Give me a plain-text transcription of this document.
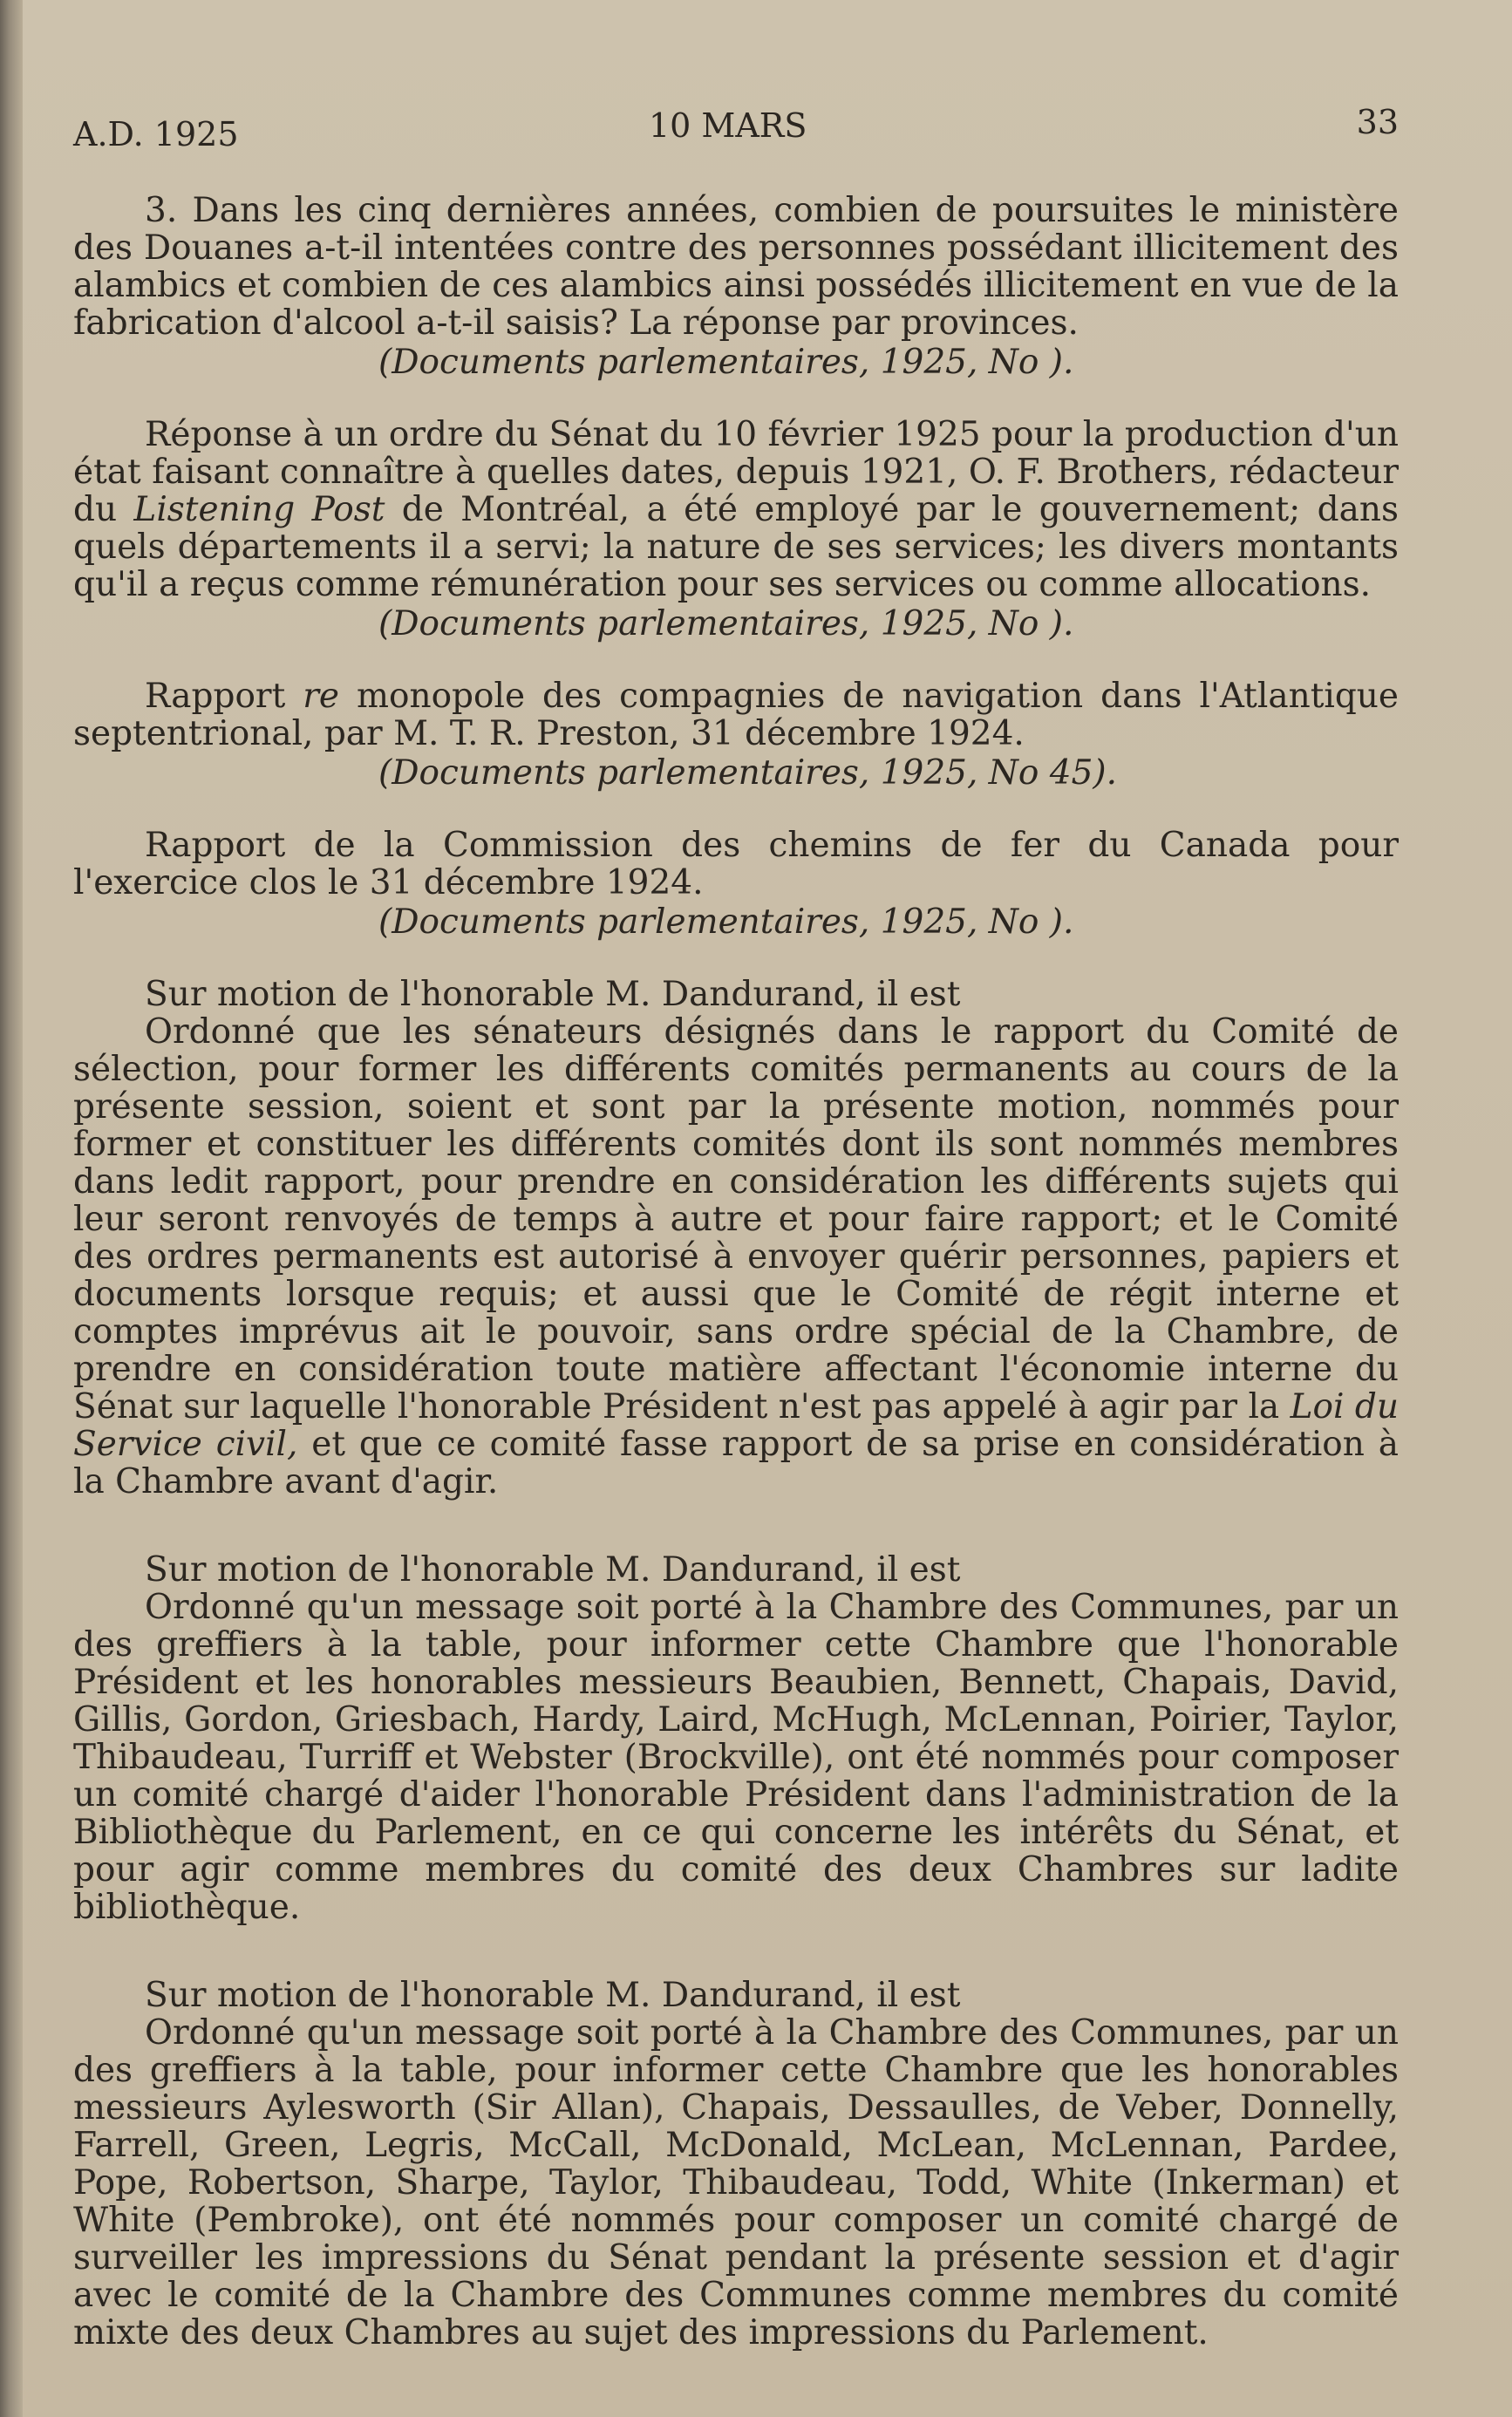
A.D. 1925	10 MARS	33

3. Dans les cinq dernières années, combien de poursuites le ministère des Douanes a-t-il intentées contre des personnes possédant illicitement des alambics et combien de ces alambics ainsi possédés illicitement en vue de la fabrication d'alcool a-t-il saisis? La réponse par provinces.

(Documents parlementaires, 1925, No ).

Réponse à un ordre du Sénat du 10 février 1925 pour la production d'un état faisant connaître à quelles dates, depuis 1921, O. F. Brothers, rédacteur du Listening Post de Montréal, a été employé par le gouvernement; dans quels départements il a servi; la nature de ses services; les divers montants qu'il a reçus comme rémunération pour ses services ou comme allocations.

(Documents parlementaires, 1925, No ).

Rapport re monopole des compagnies de navigation dans l'Atlantique septentrional, par M. T. R. Preston, 31 décembre 1924.

(Documents parlementaires, 1925, No 45).

Rapport de la Commission des chemins de fer du Canada pour l'exercice clos le 31 décembre 1924.

(Documents parlementaires, 1925, No ).

Sur motion de l'honorable M. Dandurand, il est

Ordonné que les sénateurs désignés dans le rapport du Comité de sélection, pour former les différents comités permanents au cours de la présente session, soient et sont par la présente motion, nommés pour former et constituer les différents comités dont ils sont nommés membres dans ledit rapport, pour prendre en considération les différents sujets qui leur seront renvoyés de temps à autre et pour faire rapport; et le Comité des ordres permanents est autorisé à envoyer quérir personnes, papiers et documents lorsque requis; et aussi que le Comité de régit interne et comptes imprévus ait le pouvoir, sans ordre spécial de la Chambre, de prendre en considération toute matière affectant l'économie interne du Sénat sur laquelle l'honorable Président n'est pas appelé à agir par la Loi du Service civil, et que ce comité fasse rapport de sa prise en considération à la Chambre avant d'agir.

Sur motion de l'honorable M. Dandurand, il est

Ordonné qu'un message soit porté à la Chambre des Communes, par un des greffiers à la table, pour informer cette Chambre que l'honorable Président et les honorables messieurs Beaubien, Bennett, Chapais, David, Gillis, Gordon, Griesbach, Hardy, Laird, McHugh, McLennan, Poirier, Taylor, Thibaudeau, Turriff et Webster (Brockville), ont été nommés pour composer un comité chargé d'aider l'honorable Président dans l'administration de la Bibliothèque du Parlement, en ce qui concerne les intérêts du Sénat, et pour agir comme membres du comité des deux Chambres sur ladite bibliothèque.

Sur motion de l'honorable M. Dandurand, il est

Ordonné qu'un message soit porté à la Chambre des Communes, par un des greffiers à la table, pour informer cette Chambre que les honorables messieurs Aylesworth (Sir Allan), Chapais, Dessaulles, de Veber, Donnelly, Farrell, Green, Legris, McCall, McDonald, McLean, McLennan, Pardee, Pope, Robertson, Sharpe, Taylor, Thibaudeau, Todd, White (Inkerman) et White (Pembroke), ont été nommés pour composer un comité chargé de surveiller les impressions du Sénat pendant la présente session et d'agir avec le comité de la Chambre des Communes comme membres du comité mixte des deux Chambres au sujet des impressions du Parlement.
